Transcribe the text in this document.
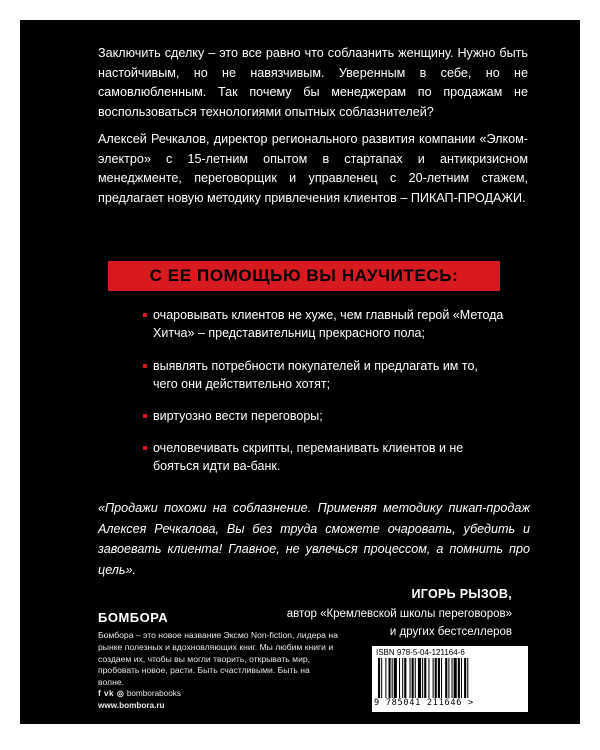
Заключить сделку – это все равно что соблазнить женщину. Нужно быть настойчивым, но не навязчивым. Уверенным в себе, но не самовлюбленным. Так почему бы менеджерам по продажам не воспользоваться технологиями опытных соблазнителей?

Алексей Речкалов, директор регионального развития компании «Элком-электро» с 15-летним опытом в стартапах и антикризисном менеджменте, переговорщик и управленец с 20-летним стажем, предлагает новую методику привлечения клиентов – ПИКАП-ПРОДАЖИ.

С ЕЕ ПОМОЩЬЮ ВЫ НАУЧИТЕСЬ:
очаровывать клиентов не хуже, чем главный герой «Метода Хитча» – представительниц прекрасного пола;
выявлять потребности покупателей и предлагать им то, чего они действительно хотят;
виртуозно вести переговоры;
очеловечивать скрипты, переманивать клиентов и не бояться идти ва-банк.

«Продажи похожи на соблазнение. Применяя методику пикап-продаж Алексея Речкалова, Вы без труда сможете очаровать, убедить и завоевать клиента! Главное, не увлечься процессом, а помнить про цель».

ИГОРЬ РЫЗОВ,
автор «Кремлевской школы переговоров»
и других бестселлеров
БОМБОРА
Бомбора – это новое название Эксмо Non-fiction, лидера на рынке полезных и вдохновляющих книг. Мы любим книги и создаем их, чтобы вы могли творить, открывать мир, пробовать новое, расти. Быть счастливыми. Быть на волне.
f vk ◎ bomborabooks
www.bombora.ru
ISBN 978-5-04-121164-6
9 785041 211646 >
